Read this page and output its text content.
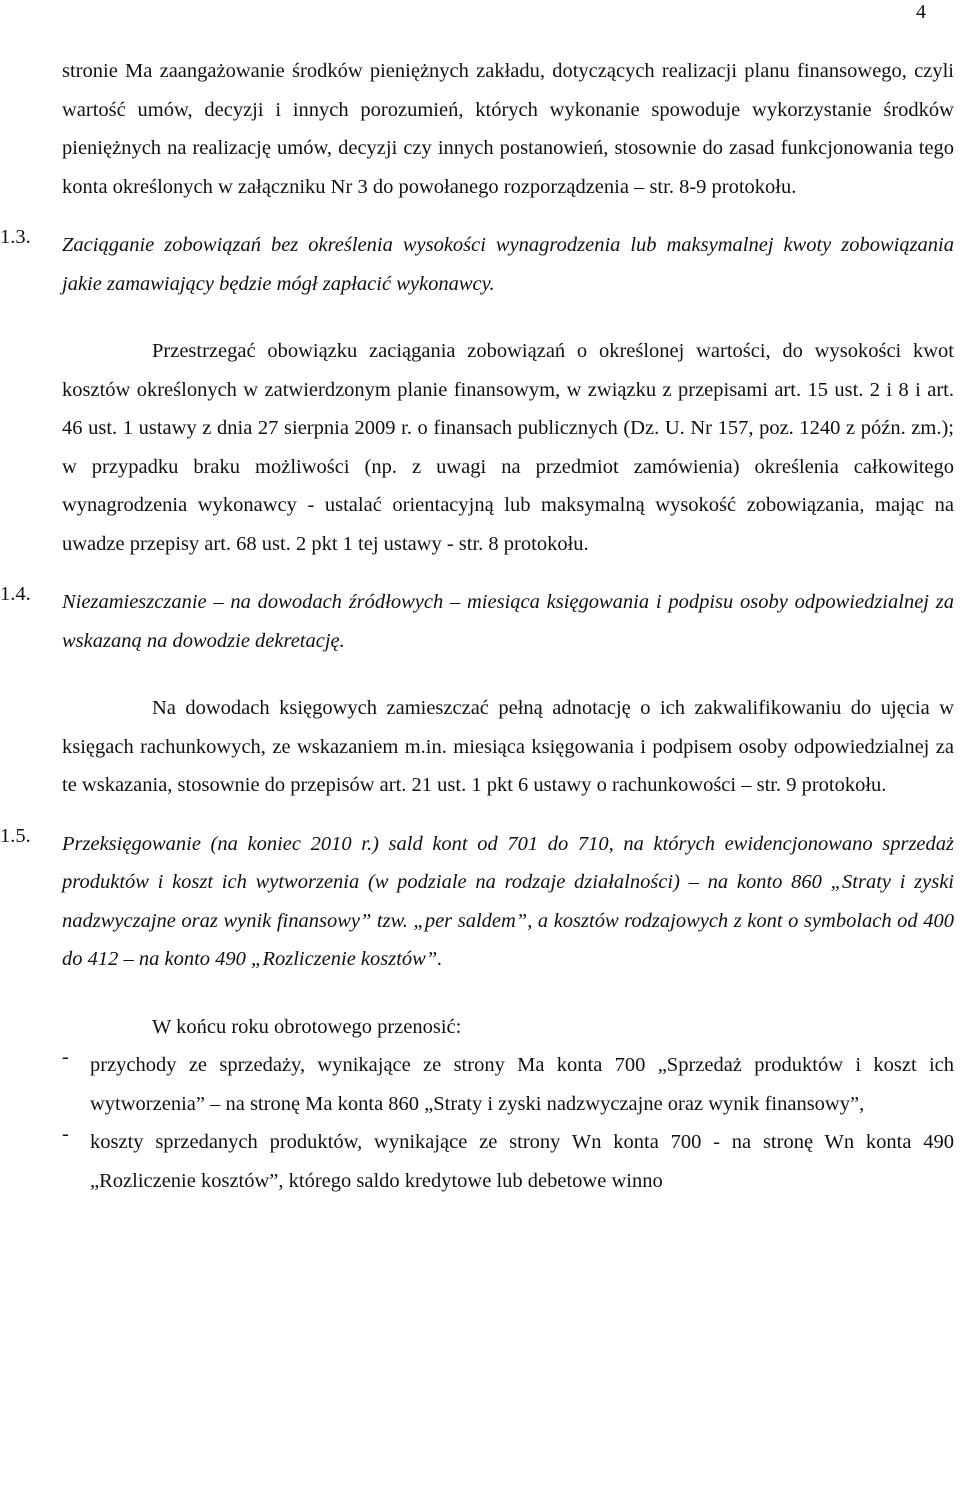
4

stronie Ma zaangażowanie środków pieniężnych zakładu, dotyczących realizacji planu finansowego, czyli wartość umów, decyzji i innych porozumień, których wykonanie spowoduje wykorzystanie środków pieniężnych na realizację umów, decyzji czy innych postanowień, stosownie do zasad funkcjonowania tego konta określonych w załączniku Nr 3 do powołanego rozporządzenia – str. 8-9 protokołu.

1.3. Zaciąganie zobowiązań bez określenia wysokości wynagrodzenia lub maksymalnej kwoty zobowiązania jakie zamawiający będzie mógł zapłacić wykonawcy.

Przestrzegać obowiązku zaciągania zobowiązań o określonej wartości, do wysokości kwot kosztów określonych w zatwierdzonym planie finansowym, w związku z przepisami art. 15 ust. 2 i 8 i art. 46 ust. 1 ustawy z dnia 27 sierpnia 2009 r. o finansach publicznych (Dz. U. Nr 157, poz. 1240 z późn. zm.); w przypadku braku możliwości (np. z uwagi na przedmiot zamówienia) określenia całkowitego wynagrodzenia wykonawcy - ustalać orientacyjną lub maksymalną wysokość zobowiązania, mając na uwadze przepisy art. 68 ust. 2 pkt 1 tej ustawy - str. 8 protokołu.

1.4. Niezamieszczanie – na dowodach źródłowych – miesiąca księgowania i podpisu osoby odpowiedzialnej za wskazaną na dowodzie dekretację.

Na dowodach księgowych zamieszczać pełną adnotację o ich zakwalifikowaniu do ujęcia w księgach rachunkowych, ze wskazaniem m.in. miesiąca księgowania i podpisem osoby odpowiedzialnej za te wskazania, stosownie do przepisów art. 21 ust. 1 pkt 6 ustawy o rachunkowości – str. 9 protokołu.

1.5. Przeksięgowanie (na koniec 2010 r.) sald kont od 701 do 710, na których ewidencjonowano sprzedaż produktów i koszt ich wytworzenia (w podziale na rodzaje działalności) – na konto 860 „Straty i zyski nadzwyczajne oraz wynik finansowy” tzw. „per saldem”, a kosztów rodzajowych z kont o symbolach od 400 do 412 – na konto 490 „Rozliczenie kosztów”.

W końcu roku obrotowego przenosić:

- przychody ze sprzedaży, wynikające ze strony Ma konta 700 „Sprzedaż produktów i koszt ich wytworzenia” – na stronę Ma konta 860 „Straty i zyski nadzwyczajne oraz wynik finansowy”,

- koszty sprzedanych produktów, wynikające ze strony Wn konta 700 - na stronę Wn konta 490 „Rozliczenie kosztów”, którego saldo kredytowe lub debetowe winno
